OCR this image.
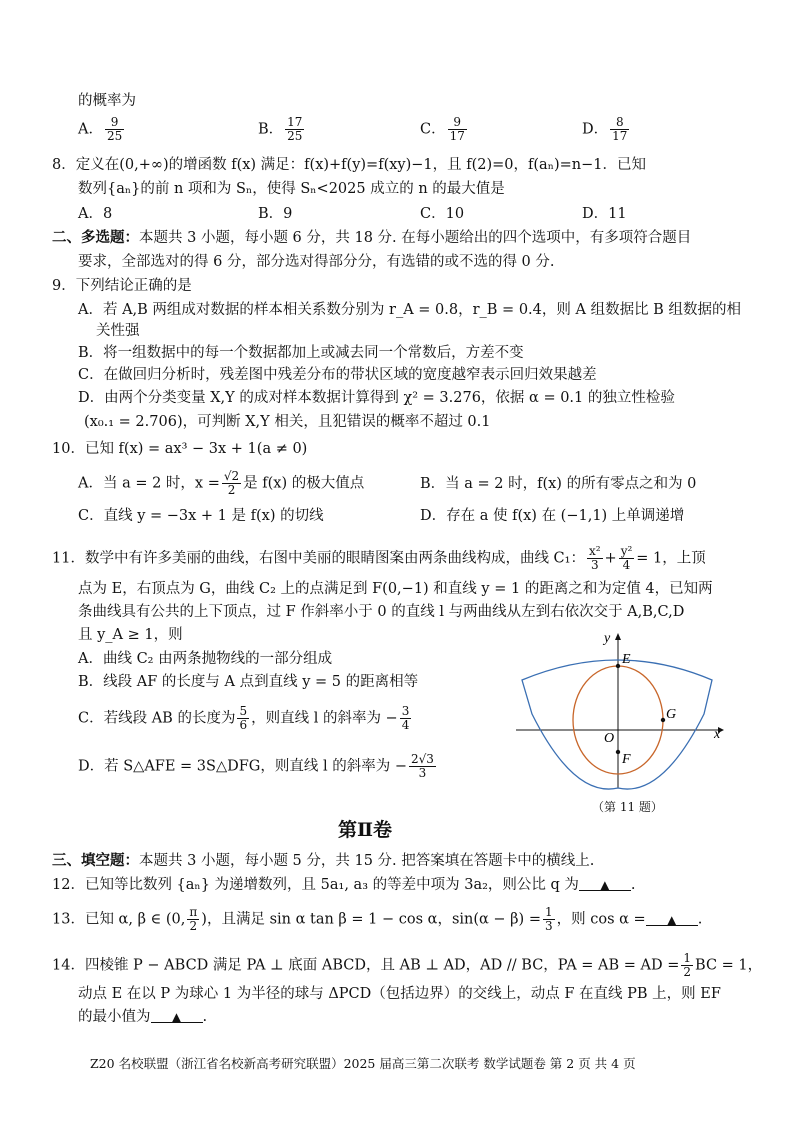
的概率为
A． $\frac{9}{25}$	B． $\frac{17}{25}$	C． $\frac{9}{17}$	D． $\frac{8}{17}$
8．定义在(0,+∞)的增函数 f(x) 满足：f(x)+f(y)=f(xy)−1，且 f(2)=0，f(aₙ)=n−1．已知
数列{aₙ}的前 n 项和为 Sₙ，使得 Sₙ<2025 成立的 n 的最大值是
A．8	B．9	C．10	D．11
二、多选题：本题共 3 小题，每小题 6 分，共 18 分. 在每小题给出的四个选项中，有多项符合题目
要求，全部选对的得 6 分，部分选对得部分分，有选错的或不选的得 0 分.
9．下列结论正确的是
A．若 A,B 两组成对数据的样本相关系数分别为 r_A = 0.8，r_B = 0.4，则 A 组数据比 B 组数据的相
关性强
B．将一组数据中的每一个数据都加上或减去同一个常数后，方差不变
C．在做回归分析时，残差图中残差分布的带状区域的宽度越窄表示回归效果越差
D．由两个分类变量 X,Y 的成对样本数据计算得到 χ² = 3.276，依据 α = 0.1 的独立性检验
(x₀.₁ = 2.706)，可判断 X,Y 相关，且犯错误的概率不超过 0.1
10．已知 f(x) = ax³ − 3x + 1(a ≠ 0)
A．当 a = 2 时，$x = \frac{√2}{2}$ 是 f(x) 的极大值点	B．当 a = 2 时，f(x) 的所有零点之和为 0
C．直线 y = −3x + 1 是 f(x) 的切线	D．存在 a 使 f(x) 在 (−1,1) 上单调递增
11．数学中有许多美丽的曲线，右图中美丽的眼睛图案由两条曲线构成，曲线 C₁： $\frac{\text{x²}}{3} + \frac{\text{y²}}{4} = 1$，上顶
点为 E，右顶点为 G，曲线 C₂ 上的点满足到 F(0,−1) 和直线 y = 1 的距离之和为定值 4，已知两
条曲线具有公共的上下顶点，过 F 作斜率小于 0 的直线 l 与两曲线从左到右依次交于 A,B,C,D
且 y_A ≥ 1，则
A．曲线 C₂ 由两条抛物线的一部分组成
B．线段 AF 的长度与 A 点到直线 y = 5 的距离相等
C．若线段 AB 的长度为 $\frac{5}{6}$ ，则直线 l 的斜率为 − $\frac{3}{4}$
D．若 S△AFE = 3S△DFG，则直线 l 的斜率为 − $\frac{2√3}{3}$
y
x
E
G
O
F
（第 11 题）
第Ⅱ卷
三、填空题：本题共 3 小题，每小题 5 分，共 15 分. 把答案填在答题卡中的横线上.
12．已知等比数列 {aₙ} 为递增数列，且 5a₁, a₃ 的等差中项为 3a₂，则公比 q 为 ▲ .
13．已知 α, β ∈ (0, $\frac{\pi}{2}$ )，且满足 sin α tan β = 1 − cos α，$\sin(\alpha - \beta) = \frac{1}{3}$ ，则 cos α = ▲ .
14．四棱锥 P − ABCD 满足 PA ⊥ 底面 ABCD，且 AB ⊥ AD，AD // BC，PA = AB = AD = $\frac{1}{2}$ BC = 1，
动点 E 在以 P 为球心 1 为半径的球与 ΔPCD（包括边界）的交线上，动点 F 在直线 PB 上，则 EF
的最小值为 ▲ .
Z20 名校联盟（浙江省名校新高考研究联盟）2025 届高三第二次联考 数学试题卷 第 2 页 共 4 页
